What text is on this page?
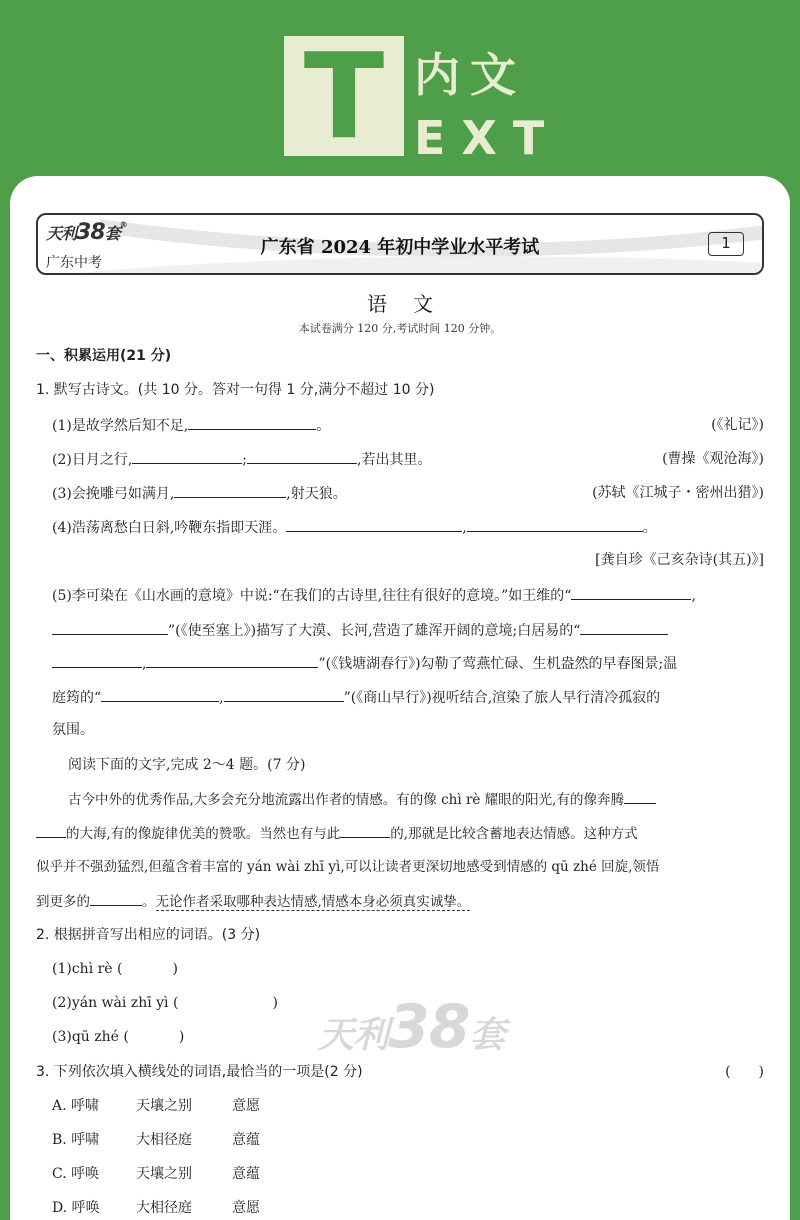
T 内文
EXT
天利38套®
广东中考
广东省 2024 年初中学业水平考试	1
语文
本试卷满分 120 分,考试时间 120 分钟。
一、积累运用(21 分)
1. 默写古诗文。(共 10 分。答对一句得 1 分,满分不超过 10 分)
(1)是故学然后知不足,	。	(《礼记》)
(2)日月之行,	;	,若出其里。	(曹操《观沧海》)
(3)会挽雕弓如满月,	,射天狼。	(苏轼《江城子・密州出猎》)
(4)浩荡离愁白日斜,吟鞭东指即天涯。	,	。
[龚自珍《己亥杂诗(其五)》]
(5)李可染在《山水画的意境》中说:“在我们的古诗里,往往有很好的意境。”如王维的“	,
”(《使至塞上》)描写了大漠、长河,营造了雄浑开阔的意境;白居易的“
,	”(《钱塘湖春行》)勾勒了莺燕忙碌、生机盎然的早春图景;温
庭筠的“	,	”(《商山早行》)视听结合,渲染了旅人早行清冷孤寂的
氛围。
阅读下面的文字,完成 2～4 题。(7 分)
古今中外的优秀作品,大多会充分地流露出作者的情感。有的像 chì rè 耀眼的阳光,有的像奔腾
的大海,有的像旋律优美的赞歌。当然也有与此	的,那就是比较含蓄地表达情感。这种方式
似乎并不强劲猛烈,但蕴含着丰富的 yán wài zhī yì,可以让读者更深切地感受到情感的 qū zhé 回旋,领悟
到更多的	。无论作者采取哪种表达情感,情感本身必须真实诚挚。
2. 根据拼音写出相应的词语。(3 分)
(1)chì rè (	)
(2)yán wài zhī yì (	)
(3)qū zhé (	)	天利38套
3. 下列依次填入横线处的词语,最恰当的一项是(2 分)	(　　)
A. 呼啸	天壤之别	意愿
B. 呼啸	大相径庭	意蕴
C. 呼唤	天壤之别	意蕴
D. 呼唤	大相径庭	意愿
